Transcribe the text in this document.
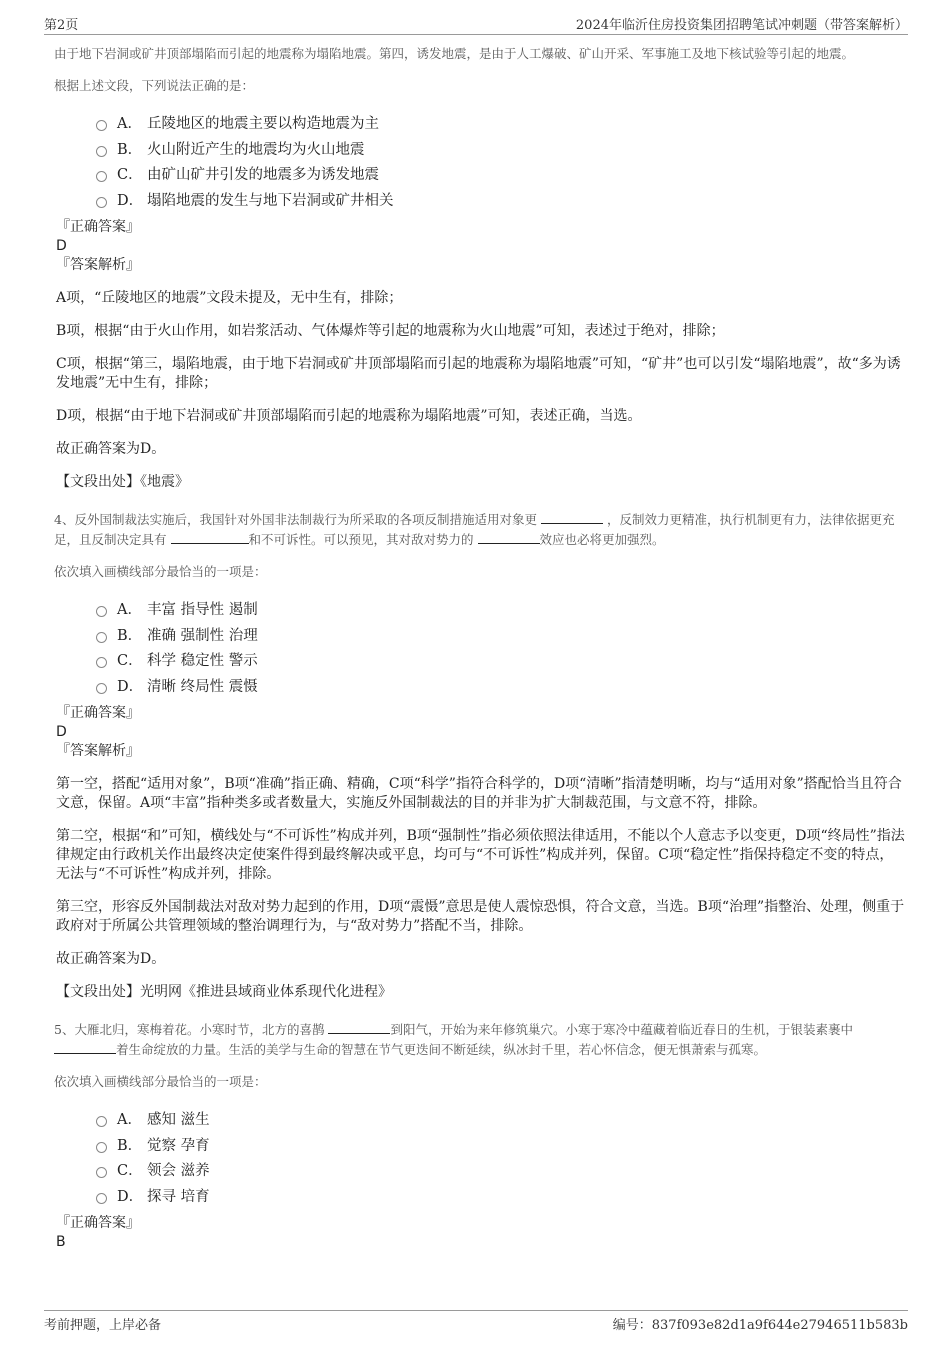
第2页	2024年临沂住房投资集团招聘笔试冲刺题（带答案解析）

由于地下岩洞或矿井顶部塌陷而引起的地震称为塌陷地震。第四，诱发地震，是由于人工爆破、矿山开采、军事施工及地下核试验等引起的地震。

根据上述文段，下列说法正确的是：

A． 丘陵地区的地震主要以构造地震为主
B． 火山附近产生的地震均为火山地震
C． 由矿山矿井引发的地震多为诱发地震
D． 塌陷地震的发生与地下岩洞或矿井相关
『正确答案』
D
『答案解析』
A项，“丘陵地区的地震”文段未提及，无中生有，排除；
B项，根据“由于火山作用，如岩浆活动、气体爆炸等引起的地震称为火山地震”可知，表述过于绝对，排除；
C项，根据“第三，塌陷地震，由于地下岩洞或矿井顶部塌陷而引起的地震称为塌陷地震”可知，“矿井”也可以引发“塌陷地震”，故“多为诱发地震”无中生有，排除；
D项，根据“由于地下岩洞或矿井顶部塌陷而引起的地震称为塌陷地震”可知，表述正确，当选。
故正确答案为D。
【文段出处】《地震》

4、反外国制裁法实施后，我国针对外国非法制裁行为所采取的各项反制措施适用对象更	，反制效力更精准，执行机制更有力，法律依据更充足，且反制决定具有	和不可诉性。可以预见，其对敌对势力的	效应也必将更加强烈。

依次填入画横线部分最恰当的一项是：

A． 丰富 指导性 遏制
B． 准确 强制性 治理
C． 科学 稳定性 警示
D． 清晰 终局性 震慑
『正确答案』
D
『答案解析』
第一空，搭配“适用对象”，B项“准确”指正确、精确，C项“科学”指符合科学的，D项“清晰”指清楚明晰，均与“适用对象”搭配恰当且符合文意，保留。A项“丰富”指种类多或者数量大，实施反外国制裁法的目的并非为扩大制裁范围，与文意不符，排除。
第二空，根据“和”可知，横线处与“不可诉性”构成并列，B项“强制性”指必须依照法律适用，不能以个人意志予以变更，D项“终局性”指法律规定由行政机关作出最终决定使案件得到最终解决或平息，均可与“不可诉性”构成并列，保留。C项“稳定性”指保持稳定不变的特点，无法与“不可诉性”构成并列，排除。
第三空，形容反外国制裁法对敌对势力起到的作用，D项“震慑”意思是使人震惊恐惧，符合文意，当选。B项“治理”指整治、处理，侧重于政府对于所属公共管理领域的整治调理行为，与“敌对势力”搭配不当，排除。
故正确答案为D。
【文段出处】光明网《推进县域商业体系现代化进程》

5、大雁北归，寒梅着花。小寒时节，北方的喜鹊	到阳气，开始为来年修筑巢穴。小寒于寒冷中蕴藏着临近春日的生机，于银装素裹中 着生命绽放的力量。生活的美学与生命的智慧在节气更迭间不断延续，纵冰封千里，若心怀信念，便无惧萧索与孤寒。

依次填入画横线部分最恰当的一项是：

A． 感知 滋生
B． 觉察 孕育
C． 领会 滋养
D． 探寻 培育
『正确答案』
B
考前押题，上岸必备	编号：837f093e82d1a9f644e27946511b583b
